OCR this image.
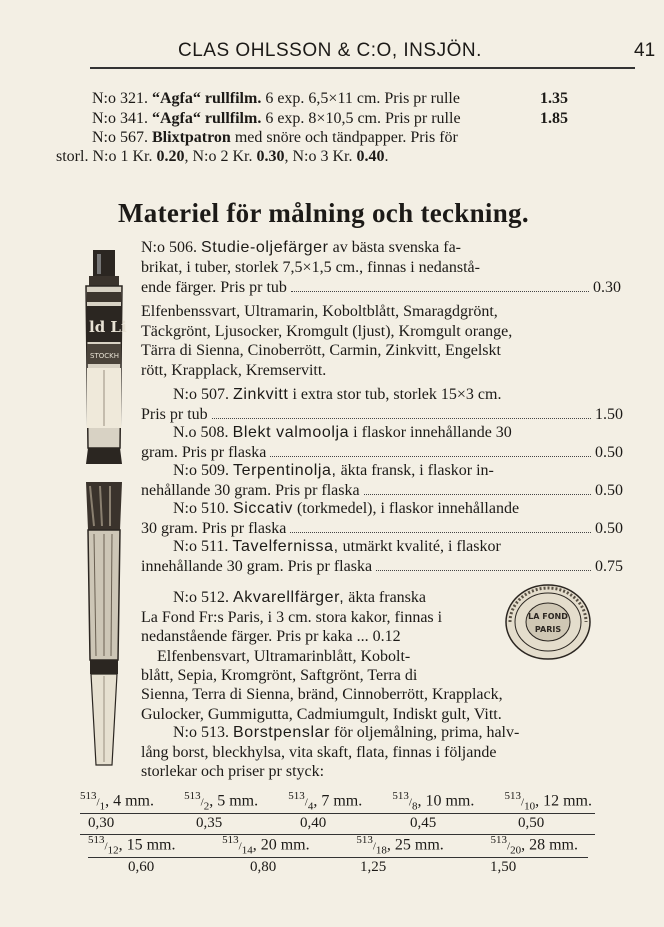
CLAS OHLSSON & C:O, INSJÖN.	41
N:o 321. “Agfa“ rullfilm. 6 exp. 6,5×11 cm. Pris pr rulle	1.35
N:o 341. “Agfa“ rullfilm. 6 exp. 8×10,5 cm. Pris pr rulle	1.85
N:o 567. Blixtpatron med snöre och tändpapper. Pris för
storl. N:o 1 Kr. 0.20, N:o 2 Kr. 0.30, N:o 3 Kr. 0.40.
Materiel för målning och teckning.
ld Li
STOCKH
N:o 506. Studie-oljefärger av bästa svenska fa-
brikat, i tuber, storlek 7,5×1,5 cm., finnas i nedanstå-
ende färger. Pris pr tub	0.30
Elfenbenssvart, Ultramarin, Koboltblått, Smaragdgrönt,
Täckgrönt, Ljusocker, Kromgult (ljust), Kromgult orange,
Tärra di Sienna, Cinoberrött, Carmin, Zinkvitt, Engelskt
rött, Krapplack, Kremservitt.
N:o 507. Zinkvitt i extra stor tub, storlek 15×3 cm.
Pris pr tub	1.50
N.o 508. Blekt valmoolja i flaskor innehållande 30
gram. Pris pr flaska	0.50
N:o 509. Terpentinolja, äkta fransk, i flaskor in-
nehållande 30 gram. Pris pr flaska	0.50
N:o 510. Siccativ (torkmedel), i flaskor innehållande
30 gram. Pris pr flaska	0.50
N:o 511. Tavelfernissa, utmärkt kvalité, i flaskor
innehållande 30 gram. Pris pr flaska	0.75
N:o 512. Akvarellfärger, äkta franska
La Fond Fr:s Paris, i 3 cm. stora kakor, finnas i
nedanstående färger. Pris pr kaka ... 0.12
Elfenbensvart, Ultramarinblått, Kobolt-
blått, Sepia, Kromgrönt, Saftgrönt, Terra di
Sienna, Terra di Sienna, bränd, Cinnoberrött, Krapplack,
Gulocker, Gummigutta, Cadmiumgult, Indiskt gult, Vitt.
LA FOND
PARIS
N:o 513. Borstpenslar för oljemålning, prima, halv-
lång borst, bleckhylsa, vita skaft, flata, finnas i följande
storlekar och priser pr styck:
$^{513}/_1$, 4 mm.	$^{513}/_2$, 5 mm.	$^{513}/_4$, 7 mm.	$^{513}/_8$, 10 mm.	$^{513}/_{10}$, 12 mm.
0,30	0,35	0,40	0,45	0,50
$^{513}/_{12}$, 15 mm.	$^{513}/_{14}$, 20 mm.	$^{513}/_{18}$, 25 mm.	$^{513}/_{20}$, 28 mm.
0,60	0,80	1,25	1,50
